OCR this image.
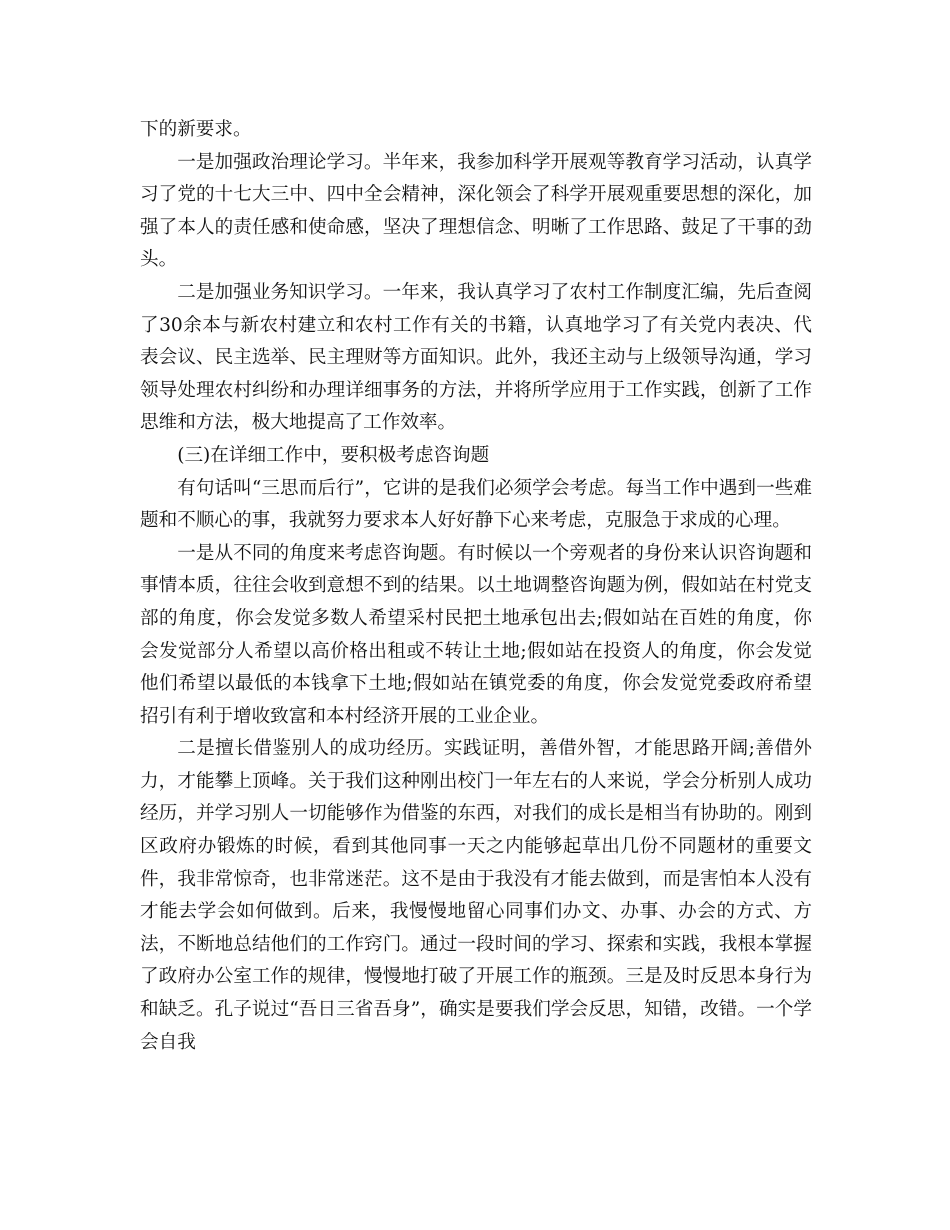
下的新要求。

一是加强政治理论学习。半年来，我参加科学开展观等教育学习活动，认真学习了党的十七大三中、四中全会精神，深化领会了科学开展观重要思想的深化，加强了本人的责任感和使命感，坚决了理想信念、明晰了工作思路、鼓足了干事的劲头。

二是加强业务知识学习。一年来，我认真学习了农村工作制度汇编，先后查阅了30余本与新农村建立和农村工作有关的书籍，认真地学习了有关党内表决、代表会议、民主选举、民主理财等方面知识。此外，我还主动与上级领导沟通，学习领导处理农村纠纷和办理详细事务的方法，并将所学应用于工作实践，创新了工作思维和方法，极大地提高了工作效率。

(三)在详细工作中，要积极考虑咨询题

有句话叫“三思而后行”，它讲的是我们必须学会考虑。每当工作中遇到一些难题和不顺心的事，我就努力要求本人好好静下心来考虑，克服急于求成的心理。

一是从不同的角度来考虑咨询题。有时候以一个旁观者的身份来认识咨询题和事情本质，往往会收到意想不到的结果。以土地调整咨询题为例，假如站在村党支部的角度，你会发觉多数人希望采村民把土地承包出去;假如站在百姓的角度，你会发觉部分人希望以高价格出租或不转让土地;假如站在投资人的角度，你会发觉他们希望以最低的本钱拿下土地;假如站在镇党委的角度，你会发觉党委政府希望招引有利于增收致富和本村经济开展的工业企业。

二是擅长借鉴别人的成功经历。实践证明，善借外智，才能思路开阔;善借外力，才能攀上顶峰。关于我们这种刚出校门一年左右的人来说，学会分析别人成功经历，并学习别人一切能够作为借鉴的东西，对我们的成长是相当有协助的。刚到区政府办锻炼的时候，看到其他同事一天之内能够起草出几份不同题材的重要文件，我非常惊奇，也非常迷茫。这不是由于我没有才能去做到，而是害怕本人没有才能去学会如何做到。后来，我慢慢地留心同事们办文、办事、办会的方式、方法，不断地总结他们的工作窍门。通过一段时间的学习、探索和实践，我根本掌握了政府办公室工作的规律，慢慢地打破了开展工作的瓶颈。三是及时反思本身行为和缺乏。孔子说过“吾日三省吾身”，确实是要我们学会反思，知错，改错。一个学会自我
